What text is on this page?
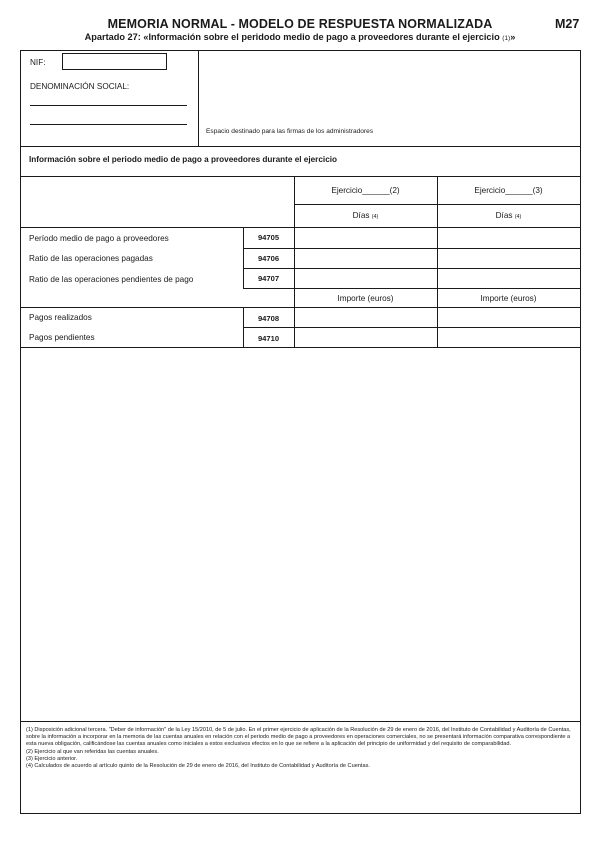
MEMORIA NORMAL - MODELO DE RESPUESTA NORMALIZADA	M27
Apartado 27: «Información sobre el peridodo medio de pago a proveedores durante el ejercicio (1)»
NIF:
DENOMINACIÓN SOCIAL:
Espacio destinado para las firmas de los administradores
Información sobre el periodo medio de pago a proveedores durante el ejercicio
Ejercicio______(2)	Ejercicio______(3)
Días (4)	Días (4)
Período medio de pago a proveedores	94705
Ratio de las operaciones pagadas	94706
Ratio de las operaciones pendientes de pago	94707
Importe (euros)	Importe (euros)
Pagos realizados	94708
Pagos pendientes	94710

(1) Disposición adicional tercera. "Deber de información" de la Ley 15/2010, de 5 de julio. En el primer ejercicio de aplicación de la Resolución de 29 de enero de 2016, del Instituto de Contabilidad y Auditoría de Cuentas, sobre la información a incorporar en la memoria de las cuentas anuales en relación con el periodo medio de pago a proveedores en operaciones comerciales, no se presentará información comparativa correspondiente a esta nueva obligación, calificándose las cuentas anuales como iniciales a estos exclusivos efectos en lo que se refiere a la aplicación del principio de uniformidad y del requisito de comparabilidad.

(2) Ejercicio al que van referidas las cuentas anuales.

(3) Ejercicio anterior.

(4) Calculados de acuerdo al artículo quinto de la Resolución de 29 de enero de 2016, del Instituto de Contabilidad y Auditoría de Cuentas.
